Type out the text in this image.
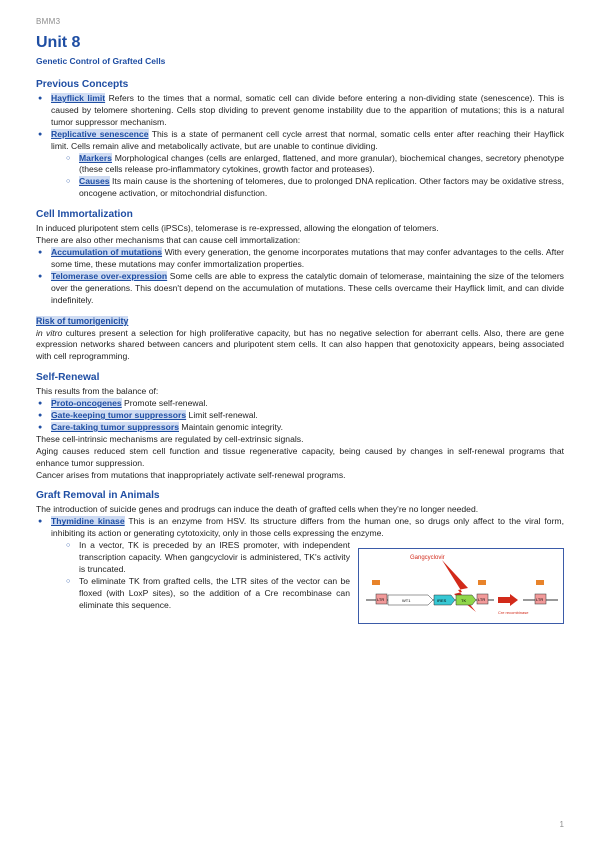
BMM3
Unit 8
Genetic Control of Grafted Cells
Previous Concepts
● Hayflick limit Refers to the times that a normal, somatic cell can divide before entering a non-dividing state (senescence). This is caused by telomere shortening. Cells stop dividing to prevent genome instability due to the apparition of mutations; this is a natural tumor suppressor mechanism.
● Replicative senescence This is a state of permanent cell cycle arrest that normal, somatic cells enter after reaching their Hayflick limit. Cells remain alive and metabolically activate, but are unable to continue dividing.
○ Markers Morphological changes (cells are enlarged, flattened, and more granular), biochemical changes, secretory phenotype (these cells release pro-inflammatory cytokines, growth factor and proteases).
○ Causes Its main cause is the shortening of telomeres, due to prolonged DNA replication. Other factors may be oxidative stress, oncogene activation, or mitochondrial disfunction.
Cell Immortalization

In induced pluripotent stem cells (iPSCs), telomerase is re-expressed, allowing the elongation of telomers.

There are also other mechanisms that can cause cell immortalization:

● Accumulation of mutations With every generation, the genome incorporates mutations that may confer advantages to the cells. After some time, these mutations may confer immortalization properties.
● Telomerase over-expression Some cells are able to express the catalytic domain of telomerase, maintaining the size of the telomers over the generations. This doesn't depend on the accumulation of mutations. These cells overcame their Hayflick limit, and can divide indefinitely.
Risk of tumorigenicity

in vitro cultures present a selection for high proliferative capacity, but has no negative selection for aberrant cells. Also, there are gene expression networks shared between cancers and pluripotent stem cells. It can also happen that genotoxicity appears, being associated with cell reprogramming.

Self-Renewal

This results from the balance of:

● Proto-oncogenes Promote self-renewal.
● Gate-keeping tumor suppressors Limit self-renewal.
● Care-taking tumor suppressors Maintain genomic integrity.

These cell-intrinsic mechanisms are regulated by cell-extrinsic signals.

Aging causes reduced stem cell function and tissue regenerative capacity, being caused by changes in self-renewal programs that enhance tumor suppression.

Cancer arises from mutations that inappropriately activate self-renewal programs.

Graft Removal in Animals

The introduction of suicide genes and prodrugs can induce the death of grafted cells when they're no longer needed.

● Thymidine kinase This is an enzyme from HSV. Its structure differs from the human one, so drugs only affect to the viral form, inhibiting its action or generating cytotoxicity, only in those cells expressing the enzyme.
○ In a vector, TK is preceded by an IRES promoter, with independent transcription capacity. When gangcyclovir is administered, TK's activity is truncated.
○ To eliminate TK from grafted cells, the LTR sites of the vector can be floxed (with LoxP sites), so the addition of a Cre recombinase can eliminate this sequence.
Gangcyclovir
LTR	WT1	IRES	TK	LTR
Cre recombinase
LTR
1
